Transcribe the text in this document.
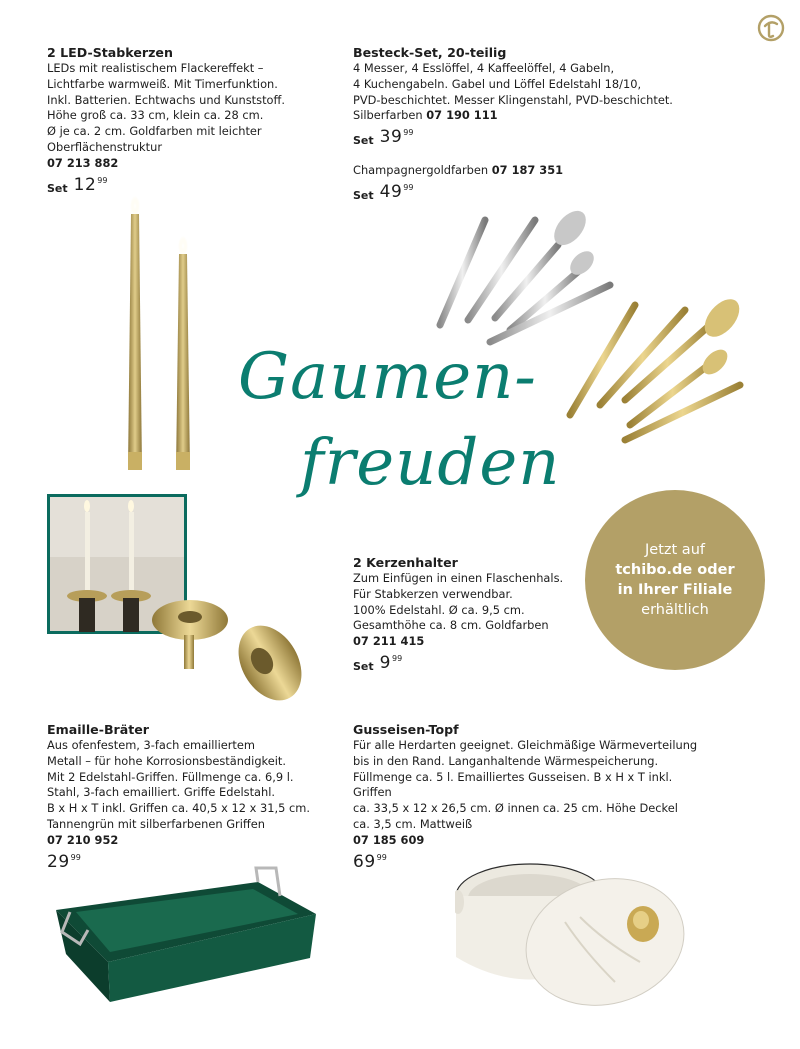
2 LED-Stabkerzen

LEDs mit realistischem Flackereffekt –

Lichtfarbe warmweiß. Mit Timerfunktion.

Inkl. Batterien. Echtwachs und Kunststoff.

Höhe groß ca. 33 cm, klein ca. 28 cm.

Ø je ca. 2 cm. Goldfarben mit leichter

Oberflächenstruktur

07 213 882

Set 12 99
Besteck-Set, 20-teilig

4 Messer, 4 Esslöffel, 4 Kaffeelöffel, 4 Gabeln,

4 Kuchengabeln. Gabel und Löffel Edelstahl 18/10,

PVD-beschichtet. Messer Klingenstahl, PVD-beschichtet.

Silberfarben 07 190 111

Set 39 99

Champagnergoldfarben 07 187 351

Set 49 99
Gaumen-
freuden
2 Kerzenhalter

Zum Einfügen in einen Flaschenhals.

Für Stabkerzen verwendbar.

100% Edelstahl. Ø ca. 9,5 cm.

Gesamthöhe ca. 8 cm. Goldfarben

07 211 415

Set 9 99
Jetzt auf
tchibo.de oder
in Ihrer Filiale
erhältlich
Emaille-Bräter

Aus ofenfestem, 3-fach emailliertem

Metall – für hohe Korrosionsbeständigkeit.

Mit 2 Edelstahl-Griffen. Füllmenge ca. 6,9 l.

Stahl, 3-fach emailliert. Griffe Edelstahl.

B x H x T inkl. Griffen ca. 40,5 x 12 x 31,5 cm.

Tannengrün mit silberfarbenen Griffen

07 210 952

29 99
Gusseisen-Topf

Für alle Herdarten geeignet. Gleichmäßige Wärmeverteilung

bis in den Rand. Langanhaltende Wärmespeicherung.

Füllmenge ca. 5 l. Emailliertes Gusseisen. B x H x T inkl. Griffen

ca. 33,5 x 12 x 26,5 cm. Ø innen ca. 25 cm. Höhe Deckel

ca. 3,5 cm. Mattweiß

07 185 609

69 99
